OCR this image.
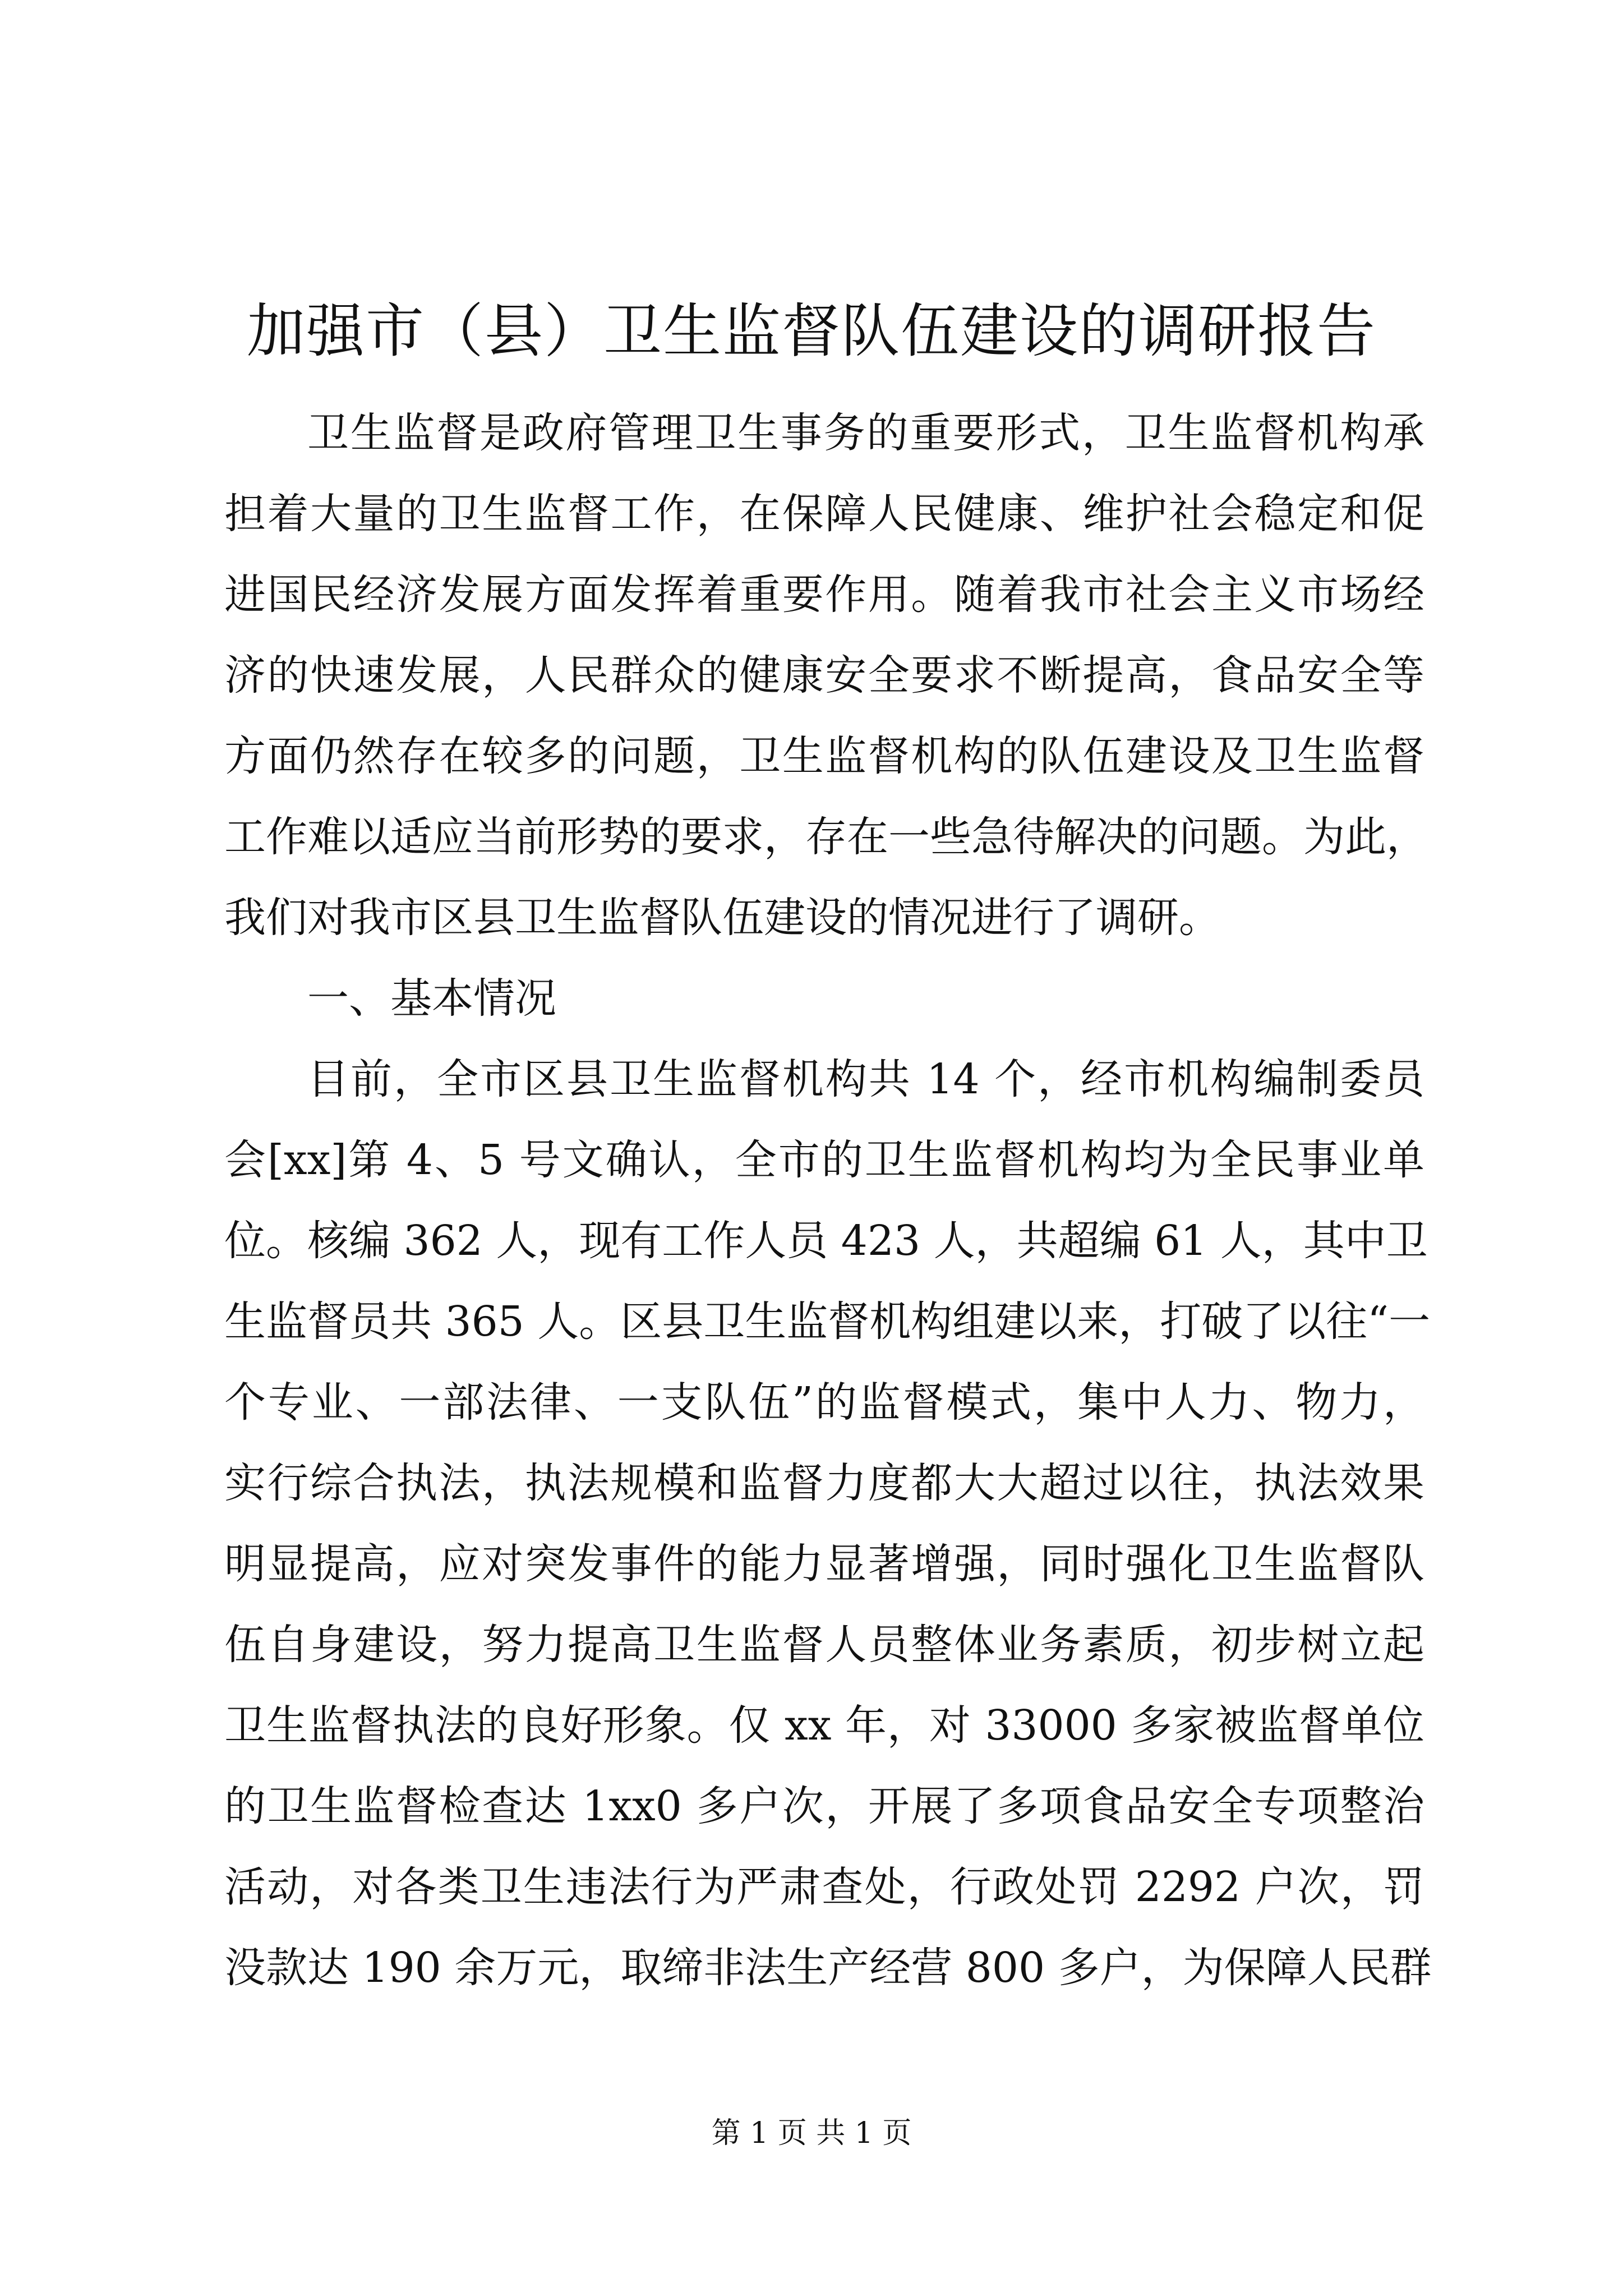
加强市（县）卫生监督队伍建设的调研报告
卫生监督是政府管理卫生事务的重要形式，卫生监督机构承
担着大量的卫生监督工作，在保障人民健康、维护社会稳定和促
进国民经济发展方面发挥着重要作用。随着我市社会主义市场经
济的快速发展，人民群众的健康安全要求不断提高，食品安全等
方面仍然存在较多的问题，卫生监督机构的队伍建设及卫生监督
工作难以适应当前形势的要求，存在一些急待解决的问题。为此，
我们对我市区县卫生监督队伍建设的情况进行了调研。
一、基本情况
目前，全市区县卫生监督机构共 14 个，经市机构编制委员
会[xx]第 4、5 号文确认，全市的卫生监督机构均为全民事业单
位。核编 362 人，现有工作人员 423 人，共超编 61 人，其中卫
生监督员共 365 人。区县卫生监督机构组建以来，打破了以往“一
个专业、一部法律、一支队伍”的监督模式，集中人力、物力，
实行综合执法，执法规模和监督力度都大大超过以往，执法效果
明显提高，应对突发事件的能力显著增强，同时强化卫生监督队
伍自身建设，努力提高卫生监督人员整体业务素质，初步树立起
卫生监督执法的良好形象。仅 xx 年，对 33000 多家被监督单位
的卫生监督检查达 1xx0 多户次，开展了多项食品安全专项整治
活动，对各类卫生违法行为严肃查处，行政处罚 2292 户次，罚
没款达 190 余万元，取缔非法生产经营 800 多户，为保障人民群
第 1 页 共 1 页
